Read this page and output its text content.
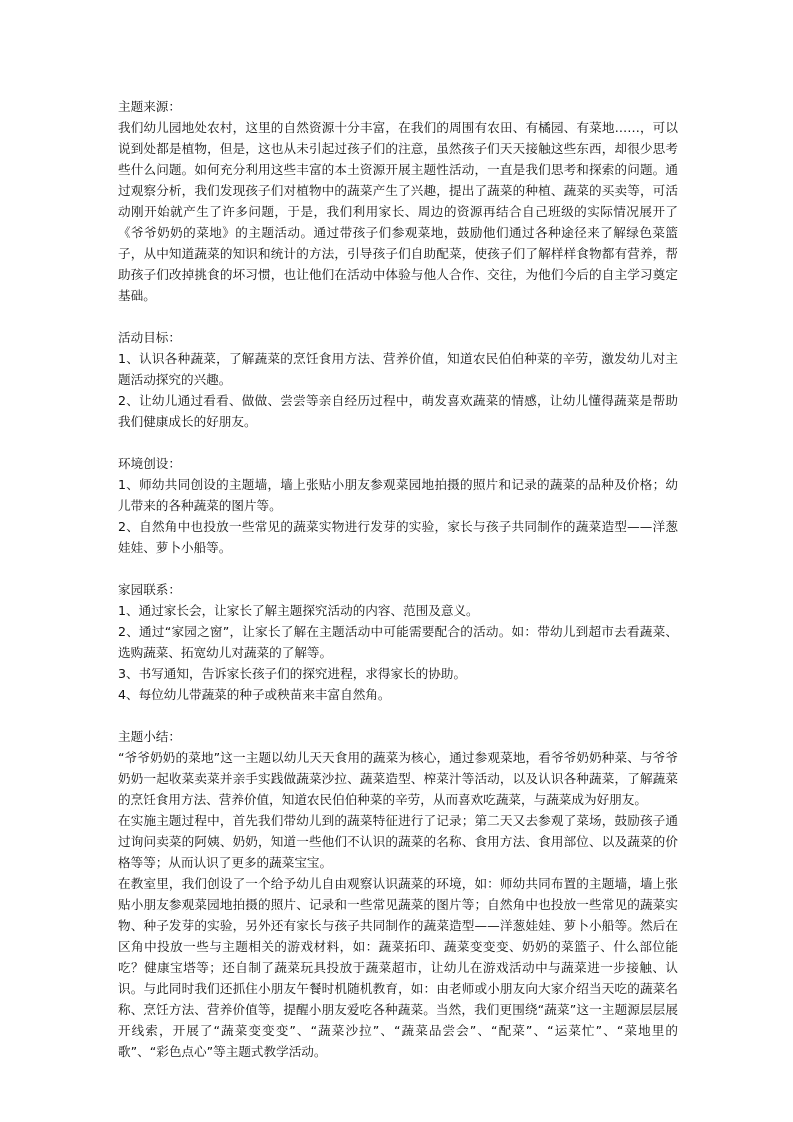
主题来源：

我们幼儿园地处农村，这里的自然资源十分丰富，在我们的周围有农田、有橘园、有菜地……，可以说到处都是植物，但是，这也从未引起过孩子们的注意，虽然孩子们天天接触这些东西，却很少思考些什么问题。如何充分利用这些丰富的本土资源开展主题性活动，一直是我们思考和探索的问题。通过观察分析，我们发现孩子们对植物中的蔬菜产生了兴趣，提出了蔬菜的种植、蔬菜的买卖等，可活动刚开始就产生了许多问题，于是，我们利用家长、周边的资源再结合自己班级的实际情况展开了《爷爷奶奶的菜地》的主题活动。通过带孩子们参观菜地，鼓励他们通过各种途径来了解绿色菜篮子，从中知道蔬菜的知识和统计的方法，引导孩子们自助配菜，使孩子们了解样样食物都有营养，帮助孩子们改掉挑食的坏习惯，也让他们在活动中体验与他人合作、交往，为他们今后的自主学习奠定基础。

活动目标：

1、认识各种蔬菜，了解蔬菜的烹饪食用方法、营养价值，知道农民伯伯种菜的辛劳，激发幼儿对主题活动探究的兴趣。

2、让幼儿通过看看、做做、尝尝等亲自经历过程中，萌发喜欢蔬菜的情感，让幼儿懂得蔬菜是帮助我们健康成长的好朋友。

环境创设：

1、师幼共同创设的主题墙，墙上张贴小朋友参观菜园地拍摄的照片和记录的蔬菜的品种及价格；幼儿带来的各种蔬菜的图片等。

2、自然角中也投放一些常见的蔬菜实物进行发芽的实验，家长与孩子共同制作的蔬菜造型——洋葱娃娃、萝卜小船等。

家园联系：

1、通过家长会，让家长了解主题探究活动的内容、范围及意义。

2、通过“家园之窗”，让家长了解在主题活动中可能需要配合的活动。如：带幼儿到超市去看蔬菜、选购蔬菜、拓宽幼儿对蔬菜的了解等。

3、书写通知，告诉家长孩子们的探究进程，求得家长的协助。

4、每位幼儿带蔬菜的种子或秧苗来丰富自然角。

主题小结：

“爷爷奶奶的菜地”这一主题以幼儿天天食用的蔬菜为核心，通过参观菜地，看爷爷奶奶种菜、与爷爷奶奶一起收菜卖菜并亲手实践做蔬菜沙拉、蔬菜造型、榨菜汁等活动，以及认识各种蔬菜，了解蔬菜的烹饪食用方法、营养价值，知道农民伯伯种菜的辛劳，从而喜欢吃蔬菜，与蔬菜成为好朋友。

在实施主题过程中，首先我们带幼儿到的蔬菜特征进行了记录；第二天又去参观了菜场，鼓励孩子通过询问卖菜的阿姨、奶奶，知道一些他们不认识的蔬菜的名称、食用方法、食用部位、以及蔬菜的价格等等；从而认识了更多的蔬菜宝宝。

在教室里，我们创设了一个给予幼儿自由观察认识蔬菜的环境，如：师幼共同布置的主题墙，墙上张贴小朋友参观菜园地拍摄的照片、记录和一些常见蔬菜的图片等；自然角中也投放一些常见的蔬菜实物、种子发芽的实验，另外还有家长与孩子共同制作的蔬菜造型——洋葱娃娃、萝卜小船等。然后在区角中投放一些与主题相关的游戏材料，如：蔬菜拓印、蔬菜变变变、奶奶的菜篮子、什么部位能吃？健康宝塔等；还自制了蔬菜玩具投放于蔬菜超市，让幼儿在游戏活动中与蔬菜进一步接触、认识。与此同时我们还抓住小朋友午餐时机随机教育，如：由老师或小朋友向大家介绍当天吃的蔬菜名称、烹饪方法、营养价值等，提醒小朋友爱吃各种蔬菜。当然，我们更围绕“蔬菜”这一主题源层层展开线索，开展了“蔬菜变变变”、“蔬菜沙拉”、“蔬菜品尝会”、“配菜”、“运菜忙”、“菜地里的歌”、“彩色点心”等主题式教学活动。
